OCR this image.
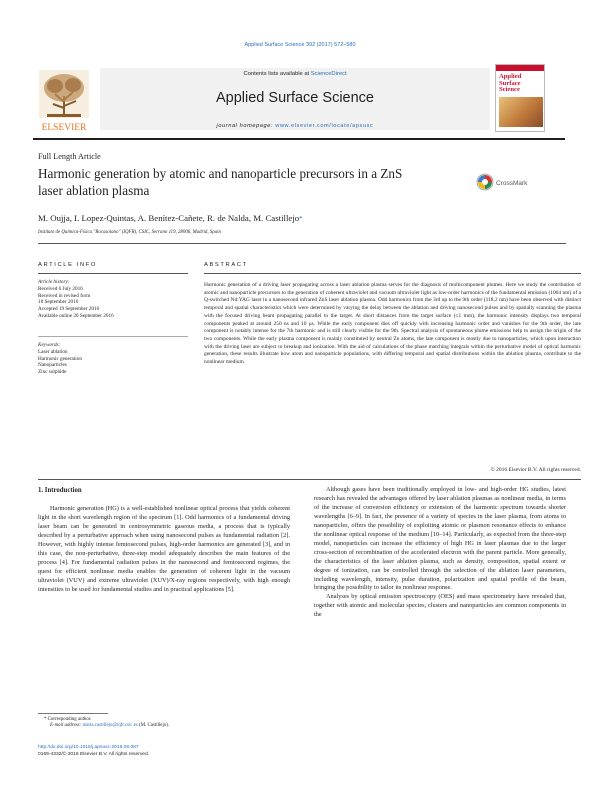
Applied Surface Science 392 (2017) 572–580
ELSEVIER
Contents lists available at ScienceDirect
Applied Surface Science
journal homepage: www.elsevier.com/locate/apsusc
Applied Surface Science
Full Length Article
Harmonic generation by atomic and nanoparticle precursors in a ZnS
laser ablation plasma	CrossMark
M. Oujja, I. Lopez-Quintas, A. Benítez-Cañete, R. de Nalda, M. Castillejo*
Instituto de Química-Física "Rocasolano" (IQFR), CSIC, Serrano 119, 28006, Madrid, Spain
ARTICLE INFO
Article history:
Received 6 July 2016
Received in revised form
18 September 2016
Accepted 19 September 2016
Available online 20 September 2016
Keywords:
Laser ablation
Harmonic generation
Nanoparticles
Zinc sulphide
ABSTRACT
Harmonic generation of a driving laser propagating across a laser ablation plasma serves for the diagnosis of multicomponent plumes. Here we study the contribution of atomic and nanoparticle precursors to the generation of coherent ultraviolet and vacuum ultraviolet light as low-order harmonics of the fundamental emission (1064 nm) of a Q-switched Nd:YAG laser in a nanosecond infrared ZnS laser ablation plasma. Odd harmonics from the 3rd up to the 9th order (118.2 nm) have been observed with distinct temporal and spatial characteristics which were determined by varying the delay between the ablation and driving nanosecond pulses and by spatially scanning the plasma with the focused driving beam propagating parallel to the target. At short distances from the target surface (≤1 mm), the harmonic intensity displays two temporal components peaked at around 250 ns and 10 μs. While the early component dies off quickly with increasing harmonic order and vanishes for the 9th order, the late component is notably intense for the 7th harmonic and is still clearly visible for the 9th. Spectral analysis of spontaneous plume emissions help to assign the origin of the two components. While the early plasma component is mainly constituted by neutral Zn atoms, the late component is mostly due to nanoparticles, which upon interaction with the driving laser are subject to breakup and ionization. With the aid of calculations of the phase matching integrals within the perturbative model of optical harmonic generation, these results illustrate how atom and nanoparticle populations, with differing temporal and spatial distributions within the ablation plasma, contribute to the nonlinear medium.
© 2016 Elsevier B.V. All rights reserved.
1. Introduction

Harmonic generation (HG) is a well-established nonlinear optical process that yields coherent light in the short wavelength region of the spectrum [1]. Odd harmonics of a fundamental driving laser beam can be generated in centrosymmetric gaseous media, a process that is typically described by a perturbative approach when using nanosecond pulses as fundamental radiation [2]. However, with highly intense femtosecond pulses, high-order harmonics are generated [3], and in this case, the non-perturbative, three-step model adequately describes the main features of the process [4]. For fundamental radiation pulses in the nanosecond and femtosecond regimes, the quest for efficient nonlinear media enables the generation of coherent light in the vacuum ultraviolet (VUV) and extreme ultraviolet (XUV)/X-ray regions respectively, with high enough intensities to be used for fundamental studies and in practical applications [5].

Although gases have been traditionally employed in low- and high-order HG studies, latest research has revealed the advantages offered by laser ablation plasmas as nonlinear media, in terms of the increase of conversion efficiency or extension of the harmonic spectrum towards shorter wavelengths [6–9]. In fact, the presence of a variety of species in the laser plasma, from atoms to nanoparticles, offers the possibility of exploiting atomic or plasmon resonance effects to enhance the nonlinear optical response of the medium [10–14]. Particularly, as expected from the three-step model, nanoparticles can increase the efficiency of high HG in laser plasmas due to the larger cross-section of recombination of the accelerated electron with the parent particle. More generally, the characteristics of the laser ablation plasma, such as density, composition, spatial extent or degree of ionization, can be controlled through the selection of the ablation laser parameters, including wavelength, intensity, pulse duration, polarization and spatial profile of the beam, bringing the possibility to tailor its nonlinear response.

Analyses by optical emission spectroscopy (OES) and mass spectrometry have revealed that, together with atomic and molecular species, clusters and nanoparticles are common components in the

* Corresponding author.
E-mail address: marta.castillejo@iqfr.csic.es (M. Castillejo).
http://dx.doi.org/10.1016/j.apsusc.2016.09.087
0169-4332/© 2016 Elsevier B.V. All rights reserved.
